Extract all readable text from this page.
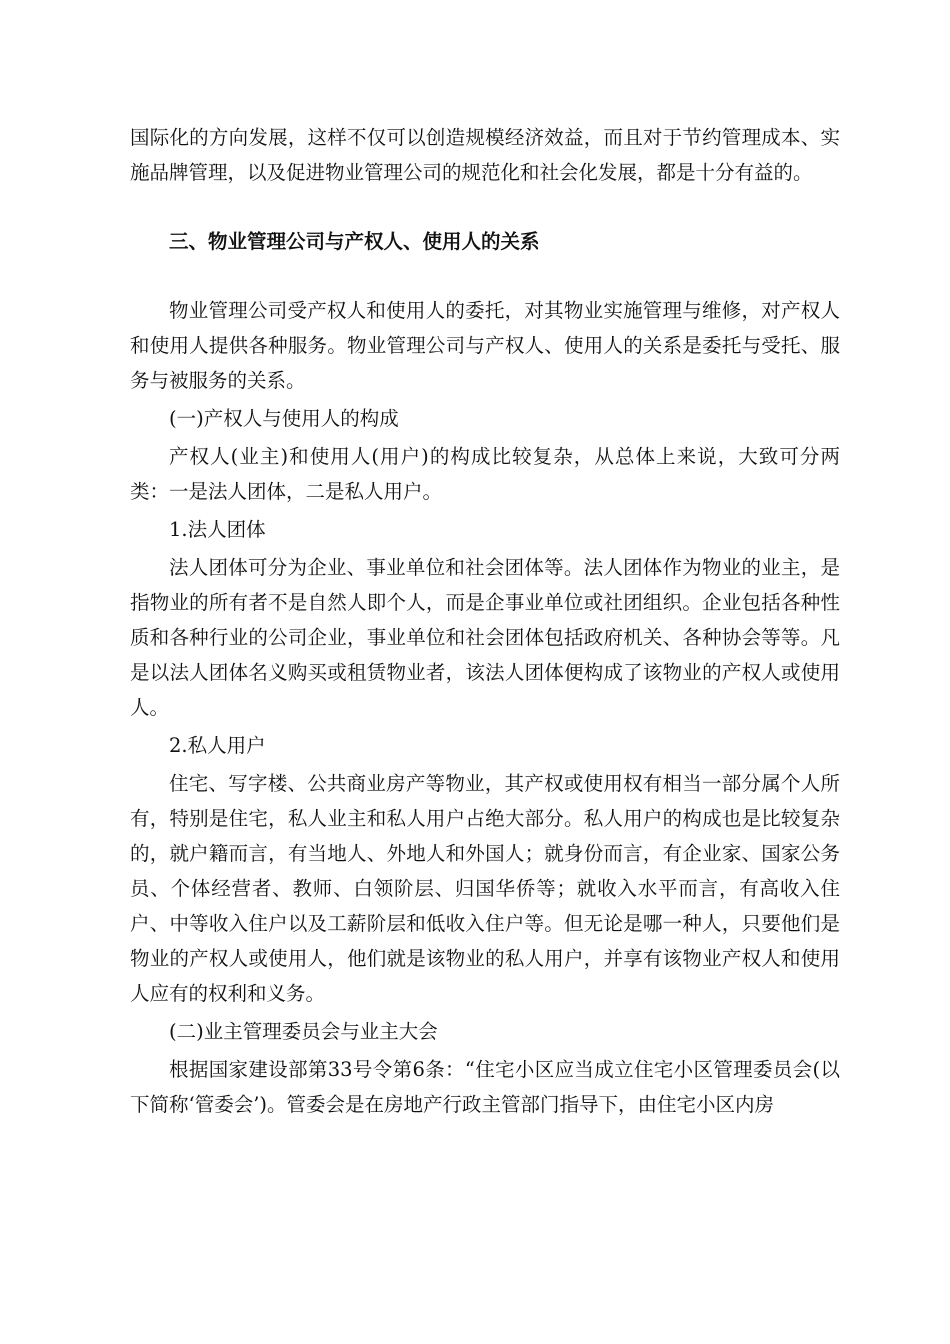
国际化的方向发展，这样不仅可以创造规模经济效益，而且对于节约管理成本、实施品牌管理，以及促进物业管理公司的规范化和社会化发展，都是十分有益的。

三、物业管理公司与产权人、使用人的关系

物业管理公司受产权人和使用人的委托，对其物业实施管理与维修，对产权人和使用人提供各种服务。物业管理公司与产权人、使用人的关系是委托与受托、服务与被服务的关系。

(一)产权人与使用人的构成

产权人(业主)和使用人(用户)的构成比较复杂，从总体上来说，大致可分两类：一是法人团体，二是私人用户。

1.法人团体

法人团体可分为企业、事业单位和社会团体等。法人团体作为物业的业主，是指物业的所有者不是自然人即个人，而是企事业单位或社团组织。企业包括各种性质和各种行业的公司企业，事业单位和社会团体包括政府机关、各种协会等等。凡是以法人团体名义购买或租赁物业者，该法人团体便构成了该物业的产权人或使用人。

2.私人用户

住宅、写字楼、公共商业房产等物业，其产权或使用权有相当一部分属个人所有，特别是住宅，私人业主和私人用户占绝大部分。私人用户的构成也是比较复杂的，就户籍而言，有当地人、外地人和外国人；就身份而言，有企业家、国家公务员、个体经营者、教师、白领阶层、归国华侨等；就收入水平而言，有高收入住户、中等收入住户以及工薪阶层和低收入住户等。但无论是哪一种人，只要他们是物业的产权人或使用人，他们就是该物业的私人用户，并享有该物业产权人和使用人应有的权利和义务。

(二)业主管理委员会与业主大会

根据国家建设部第33号令第6条：“住宅小区应当成立住宅小区管理委员会(以下简称‘管委会’)。管委会是在房地产行政主管部门指导下，由住宅小区内房
